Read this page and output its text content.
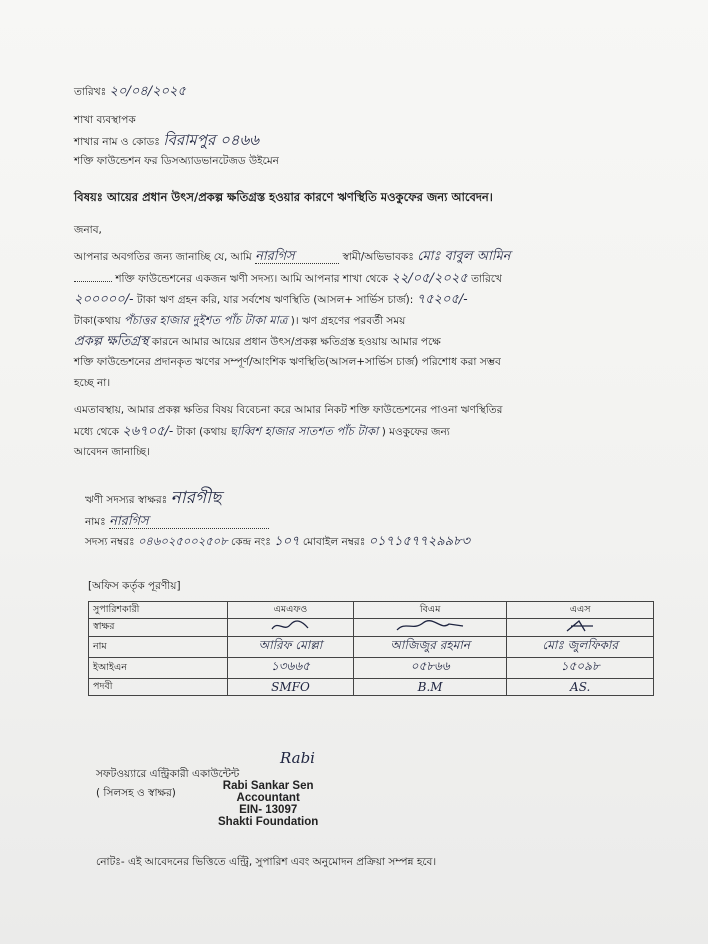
তারিখঃ ২০/০৪/২০২৫
শাখা ব্যবস্থাপক
শাখার নাম ও কোডঃ বিরামপুর ০৪৬৬
শক্তি ফাউন্ডেশন ফর ডিসঅ্যাডভানটেজড উইমেন
বিষয়ঃ আয়ের প্রধান উৎস/প্রকল্প ক্ষতিগ্রস্ত হওয়ার কারণে ঋণস্থিতি মওকুফের জন্য আবেদন।
জনাব,
আপনার অবগতির জন্য জানাচ্ছি যে, আমি নারগিস	স্বামী/অভিভাবকঃ মোঃ বাবুল আমিন
শক্তি ফাউন্ডেশনের একজন ঋণী সদস্য। আমি আপনার শাখা থেকে ২২/০৫/২০২৫ তারিখে
২০০০০০/- টাকা ঋণ গ্রহন করি, যার সর্বশেষ ঋণস্থিতি (আসল+ সার্ভিস চার্জ): ৭৫২০৫/-
টাকা(কথায় পঁচাত্তর হাজার দুইশত পাঁচ টাকা মাত্র )। ঋণ গ্রহণের পরবর্তী সময়
প্রকল্প ক্ষতিগ্রস্থ কারনে আমার আয়ের প্রধান উৎস/প্রকল্প ক্ষতিগ্রস্ত হওয়ায় আমার পক্ষে
শক্তি ফাউন্ডেশনের প্রদানকৃত ঋণের সম্পূর্ণ/আংশিক ঋণস্থিতি(আসল+সার্ভিস চার্জ) পরিশোধ করা সম্ভব
হচ্ছে না।
এমতাবস্থায়, আমার প্রকল্প ক্ষতির বিষয় বিবেচনা করে আমার নিকট শক্তি ফাউন্ডেশনের পাওনা ঋণস্থিতির
মধ্যে থেকে ২৬৭০৫/- টাকা (কথায় ছাব্বিশ হাজার সাতশত পাঁচ টাকা ) মওকুফের জন্য
আবেদন জানাচ্ছি।
ঋণী সদস্যর স্বাক্ষরঃ নারগীছ
নামঃ নারগিস
সদস্য নম্বরঃ ০৪৬০২৫০০২৫০৮ কেন্দ্র নংঃ ১০৭ মোবাইল নম্বরঃ ০১৭১৫৭৭২৯৯৮৩
[অফিস কর্তৃক পূরণীয়]
সুপারিশকারী	এমএফও	বিএম	এএস
স্বাক্ষর			
নাম	আরিফ মোল্লা	আজিজুর রহমান	মোঃ জুলফিকার
ইআইএন	১৩৬৬৫	০৫৮৬৬	১৫০৯৮
পদবী	SMFO	B.M	AS.
সফটওয়্যারে এন্ট্রিকারী একাউন্টেন্ট
( সিলসহ ও স্বাক্ষর)
Rabi
Rabi Sankar Sen
Accountant
EIN- 13097
Shakti Foundation
নোটঃ- এই আবেদনের ভিত্তিতে এন্ট্রি, সুপারিশ এবং অনুমোদন প্রক্রিয়া সম্পন্ন হবে।
